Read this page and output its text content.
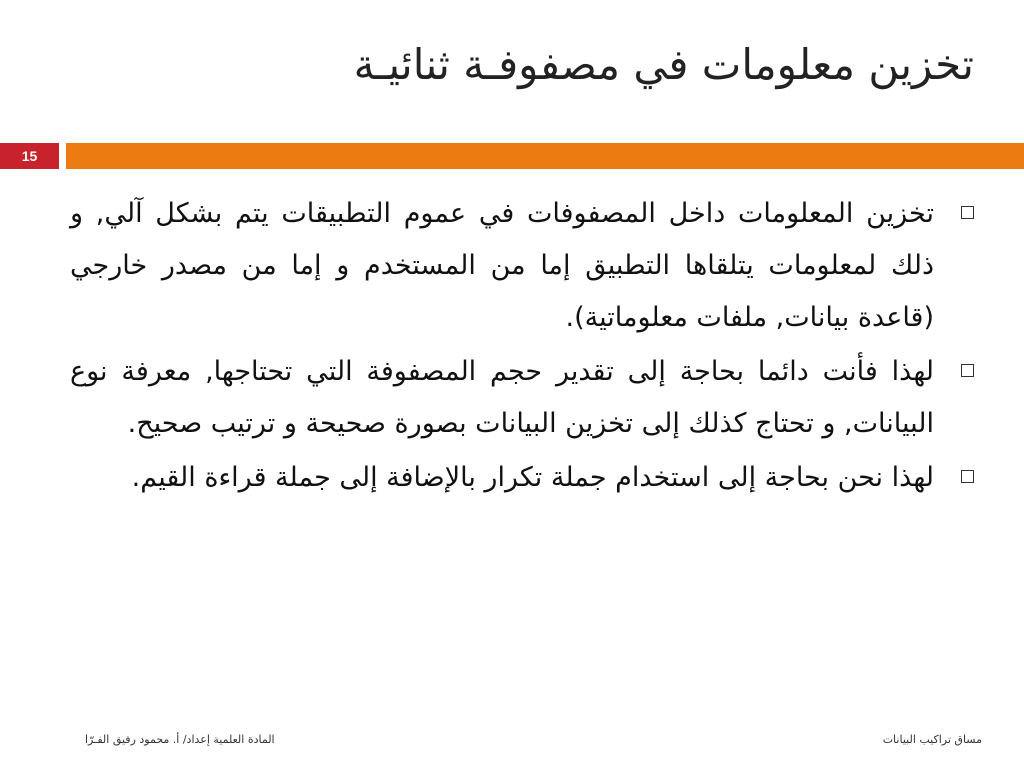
تخزين معلومات في مصفوفـة ثنائيـة
15
تخزين المعلومات داخل المصفوفات في عموم التطبيقات يتم بشكل آلي, و ذلك لمعلومات يتلقاها التطبيق إما من المستخدم و إما من مصدر خارجي (قاعدة بيانات, ملفات معلوماتية).
لهذا فأنت دائما بحاجة إلى تقدير حجم المصفوفة التي تحتاجها, معرفة نوع البيانات, و تحتاج كذلك إلى تخزين البيانات بصورة صحيحة و ترتيب صحيح.
لهذا نحن بحاجة إلى استخدام جملة تكرار بالإضافة إلى جملة قراءة القيم.
المادة العلمية إعداد/ أ. محمود رفيق الفـرّا	مساق تراكيب البيانات
